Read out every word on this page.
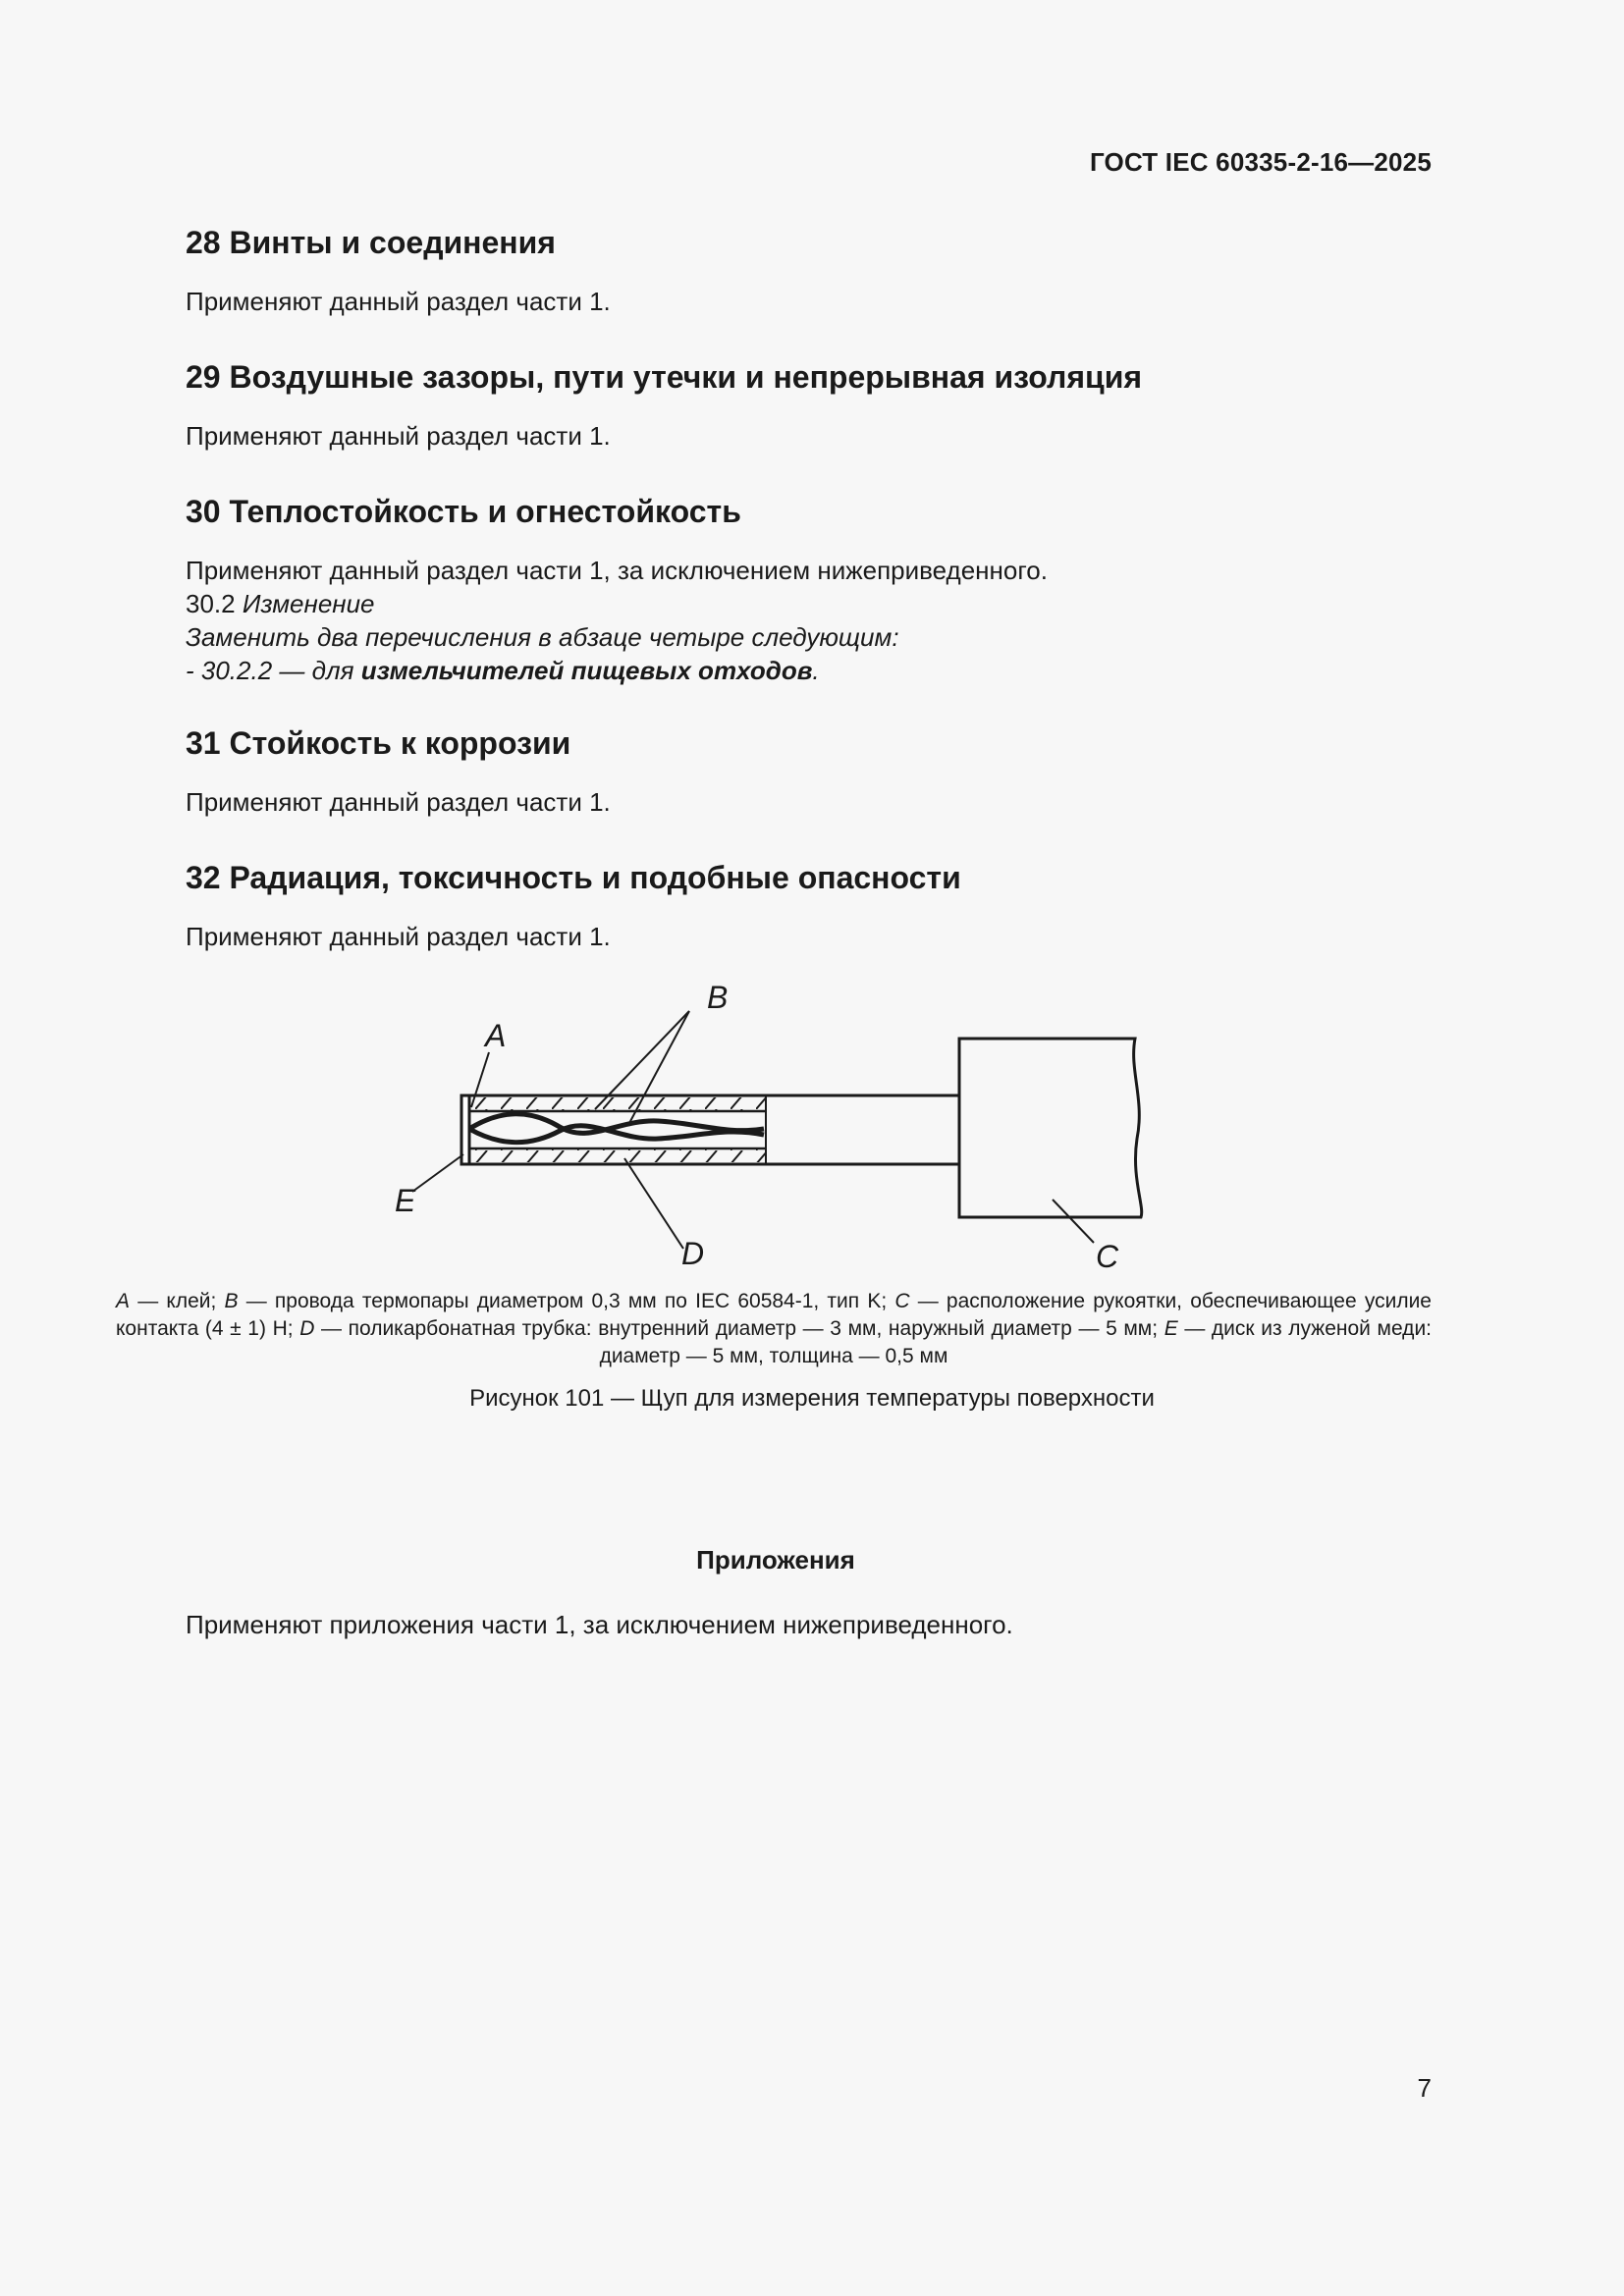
ГОСТ IEC 60335-2-16—2025
28 Винты и соединения

Применяют данный раздел части 1.

29 Воздушные зазоры, пути утечки и непрерывная изоляция

Применяют данный раздел части 1.

30 Теплостойкость и огнестойкость

Применяют данный раздел части 1, за исключением нижеприведенного.

30.2 Изменение

Заменить два перечисления в абзаце четыре следующим:

- 30.2.2 — для измельчителей пищевых отходов.

31 Стойкость к коррозии

Применяют данный раздел части 1.

32 Радиация, токсичность и подобные опасности

Применяют данный раздел части 1.

A
B
C
D
E
A — клей; B — провода термопары диаметром 0,3 мм по IEC 60584-1, тип K; C — расположение рукоятки, обеспечивающее усилие контакта (4 ± 1) Н; D — поликарбонатная трубка: внутренний диаметр — 3 мм, наружный диаметр — 5 мм; E — диск из луженой меди: диаметр — 5 мм, толщина — 0,5 мм
Рисунок 101 — Щуп для измерения температуры поверхности
Приложения
Применяют приложения части 1, за исключением нижеприведенного.
7
